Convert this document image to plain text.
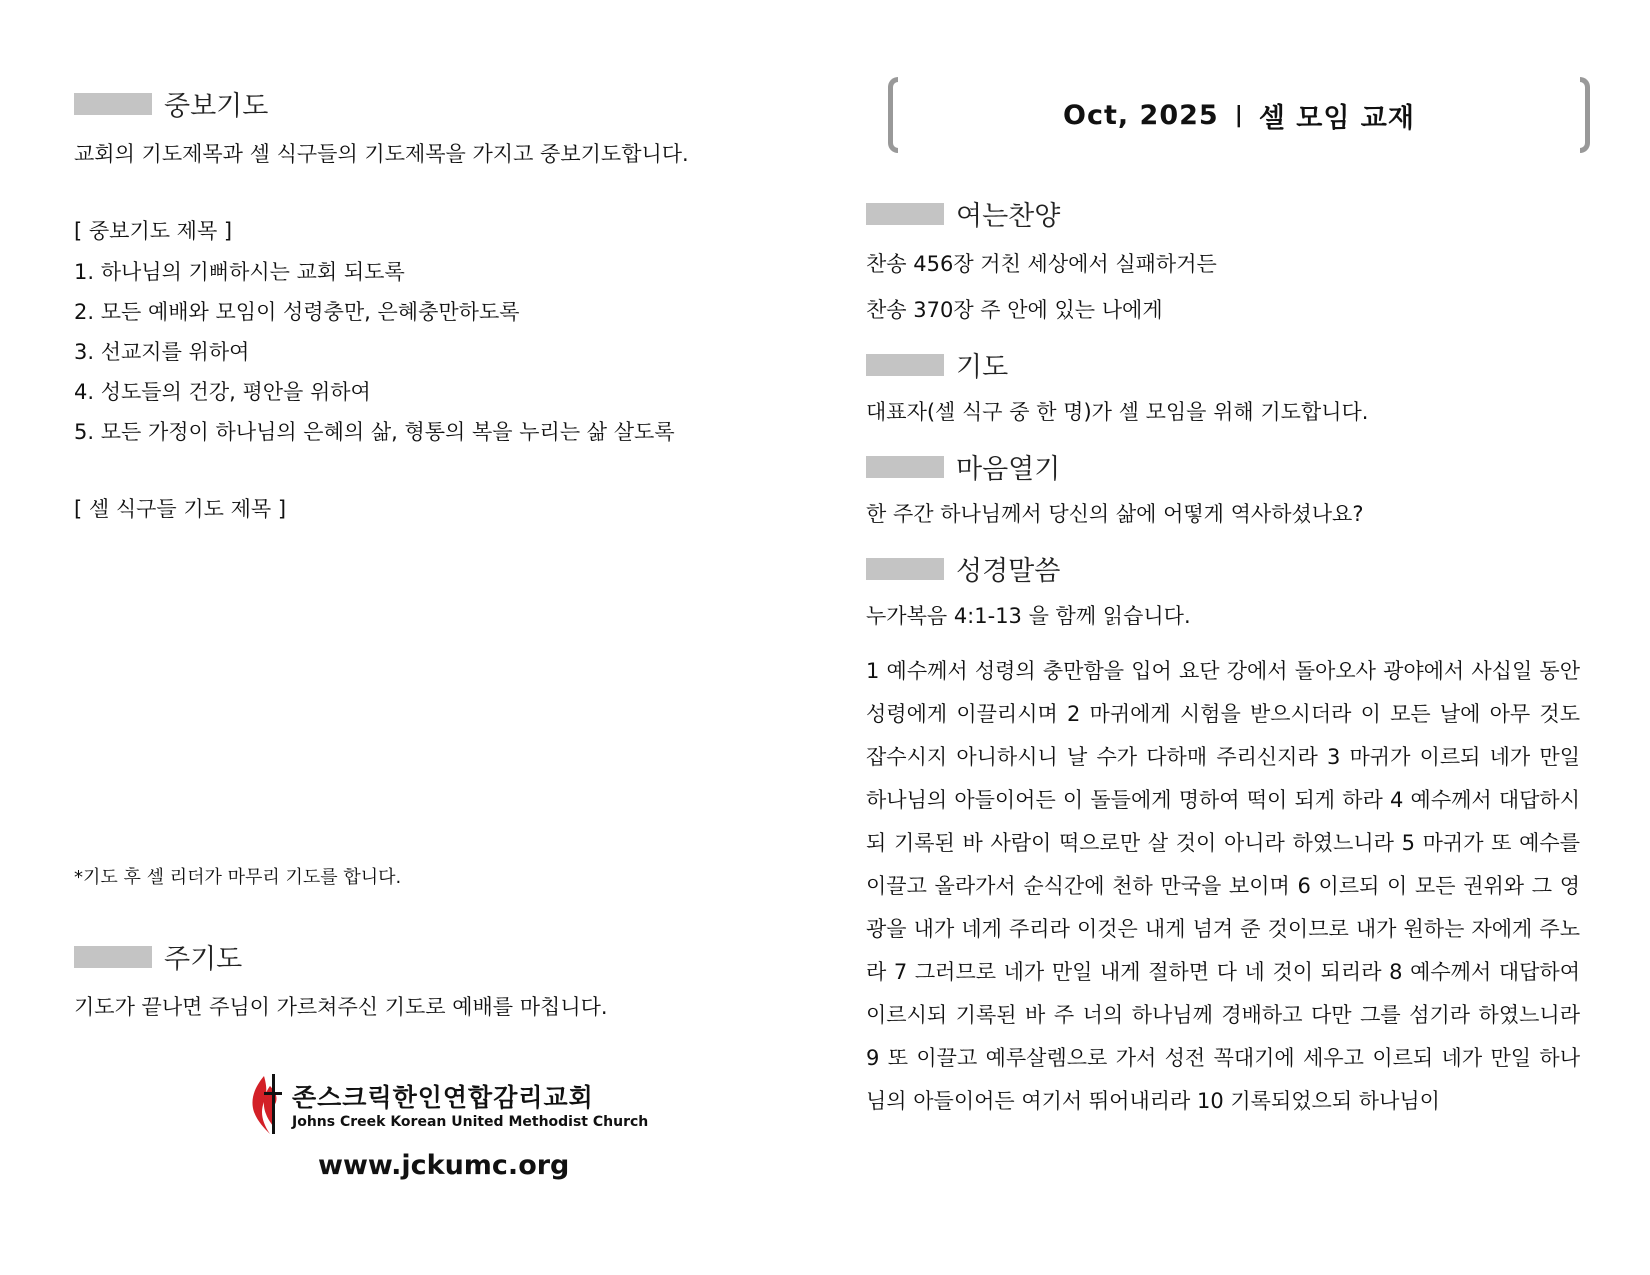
중보기도
교회의 기도제목과 셀 식구들의 기도제목을 가지고 중보기도합니다.
[ 중보기도 제목 ]
1. 하나님의 기뻐하시는 교회 되도록
2. 모든 예배와 모임이 성령충만, 은혜충만하도록
3. 선교지를 위하여
4. 성도들의 건강, 평안을 위하여
5. 모든 가정이 하나님의 은혜의 삶, 형통의 복을 누리는 삶 살도록
[ 셀 식구들 기도 제목 ]
*기도 후 셀 리더가 마무리 기도를 합니다.
주기도
기도가 끝나면 주님이 가르쳐주신 기도로 예배를 마칩니다.
존스크릭한인연합감리교회
Johns Creek Korean United Methodist Church
www.jckumc.org
Oct, 2025 | 셀 모임 교재
여는찬양
찬송 456장 거친 세상에서 실패하거든
찬송 370장 주 안에 있는 나에게
기도
대표자(셀 식구 중 한 명)가 셀 모임을 위해 기도합니다.
마음열기
한 주간 하나님께서 당신의 삶에 어떻게 역사하셨나요?
성경말씀
누가복음 4:1-13 을 함께 읽습니다.
1 예수께서 성령의 충만함을 입어 요단 강에서 돌아오사 광야에서 사십일 동안 성령에게 이끌리시며 2 마귀에게 시험을 받으시더라 이 모든 날에 아무 것도 잡수시지 아니하시니 날 수가 다하매 주리신지라 3 마귀가 이르되 네가 만일 하나님의 아들이어든 이 돌들에게 명하여 떡이 되게 하라 4 예수께서 대답하시되 기록된 바 사람이 떡으로만 살 것이 아니라 하였느니라 5 마귀가 또 예수를 이끌고 올라가서 순식간에 천하 만국을 보이며 6 이르되 이 모든 권위와 그 영광을 내가 네게 주리라 이것은 내게 넘겨 준 것이므로 내가 원하는 자에게 주노라 7 그러므로 네가 만일 내게 절하면 다 네 것이 되리라 8 예수께서 대답하여 이르시되 기록된 바 주 너의 하나님께 경배하고 다만 그를 섬기라 하였느니라 9 또 이끌고 예루살렘으로 가서 성전 꼭대기에 세우고 이르되 네가 만일 하나님의 아들이어든 여기서 뛰어내리라 10 기록되었으되 하나님이
